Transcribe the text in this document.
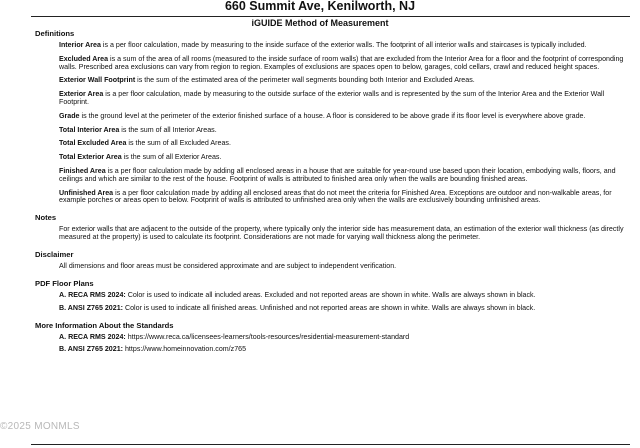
660 Summit Ave, Kenilworth, NJ
iGUIDE Method of Measurement
Definitions

Interior Area is a per floor calculation, made by measuring to the inside surface of the exterior walls. The footprint of all interior walls and staircases is typically included.

Excluded Area is a sum of the area of all rooms (measured to the inside surface of room walls) that are excluded from the Interior Area for a floor and the footprint of corresponding walls. Prescribed area exclusions can vary from region to region. Examples of exclusions are spaces open to below, garages, cold cellars, crawl and reduced height spaces.

Exterior Wall Footprint is the sum of the estimated area of the perimeter wall segments bounding both Interior and Excluded Areas.

Exterior Area is a per floor calculation, made by measuring to the outside surface of the exterior walls and is represented by the sum of the Interior Area and the Exterior Wall Footprint.

Grade is the ground level at the perimeter of the exterior finished surface of a house. A floor is considered to be above grade if its floor level is everywhere above grade.

Total Interior Area is the sum of all Interior Areas.

Total Excluded Area is the sum of all Excluded Areas.

Total Exterior Area is the sum of all Exterior Areas.

Finished Area is a per floor calculation made by adding all enclosed areas in a house that are suitable for year-round use based upon their location, embodying walls, floors, and ceilings and which are similar to the rest of the house. Footprint of walls is attributed to finished area only when the walls are bounding finished areas.

Unfinished Area is a per floor calculation made by adding all enclosed areas that do not meet the criteria for Finished Area. Exceptions are outdoor and non-walkable areas, for example porches or areas open to below. Footprint of walls is attributed to unfinished area only when the walls are exclusively bounding unfinished areas.

Notes

For exterior walls that are adjacent to the outside of the property, where typically only the interior side has measurement data, an estimation of the exterior wall thickness (as directly measured at the property) is used to calculate its footprint. Considerations are not made for varying wall thickness along the perimeter.

Disclaimer

All dimensions and floor areas must be considered approximate and are subject to independent verification.

PDF Floor Plans

A. RECA RMS 2024: Color is used to indicate all included areas. Excluded and not reported areas are shown in white. Walls are always shown in black.

B. ANSI Z765 2021: Color is used to indicate all finished areas. Unfinished and not reported areas are shown in white. Walls are always shown in black.

More Information About the Standards

A. RECA RMS 2024: https://www.reca.ca/licensees-learners/tools-resources/residential-measurement-standard

B. ANSI Z765 2021: https://www.homeinnovation.com/z765

©2025 MONMLS
